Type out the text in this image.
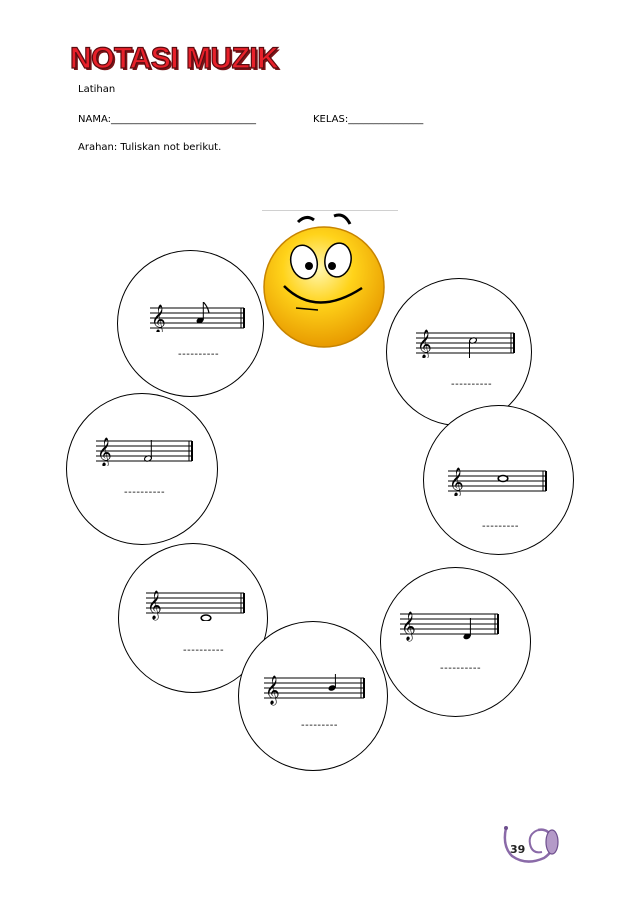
NOTASI MUZIK
Latihan
NAMA:_____________________________	KELAS:_______________
Arahan: Tuliskan not berikut.
𝄞
----------	𝄞
----------
𝄞
----------	𝄞
---------
𝄞
----------
𝄞
----------
𝄞
---------
39
